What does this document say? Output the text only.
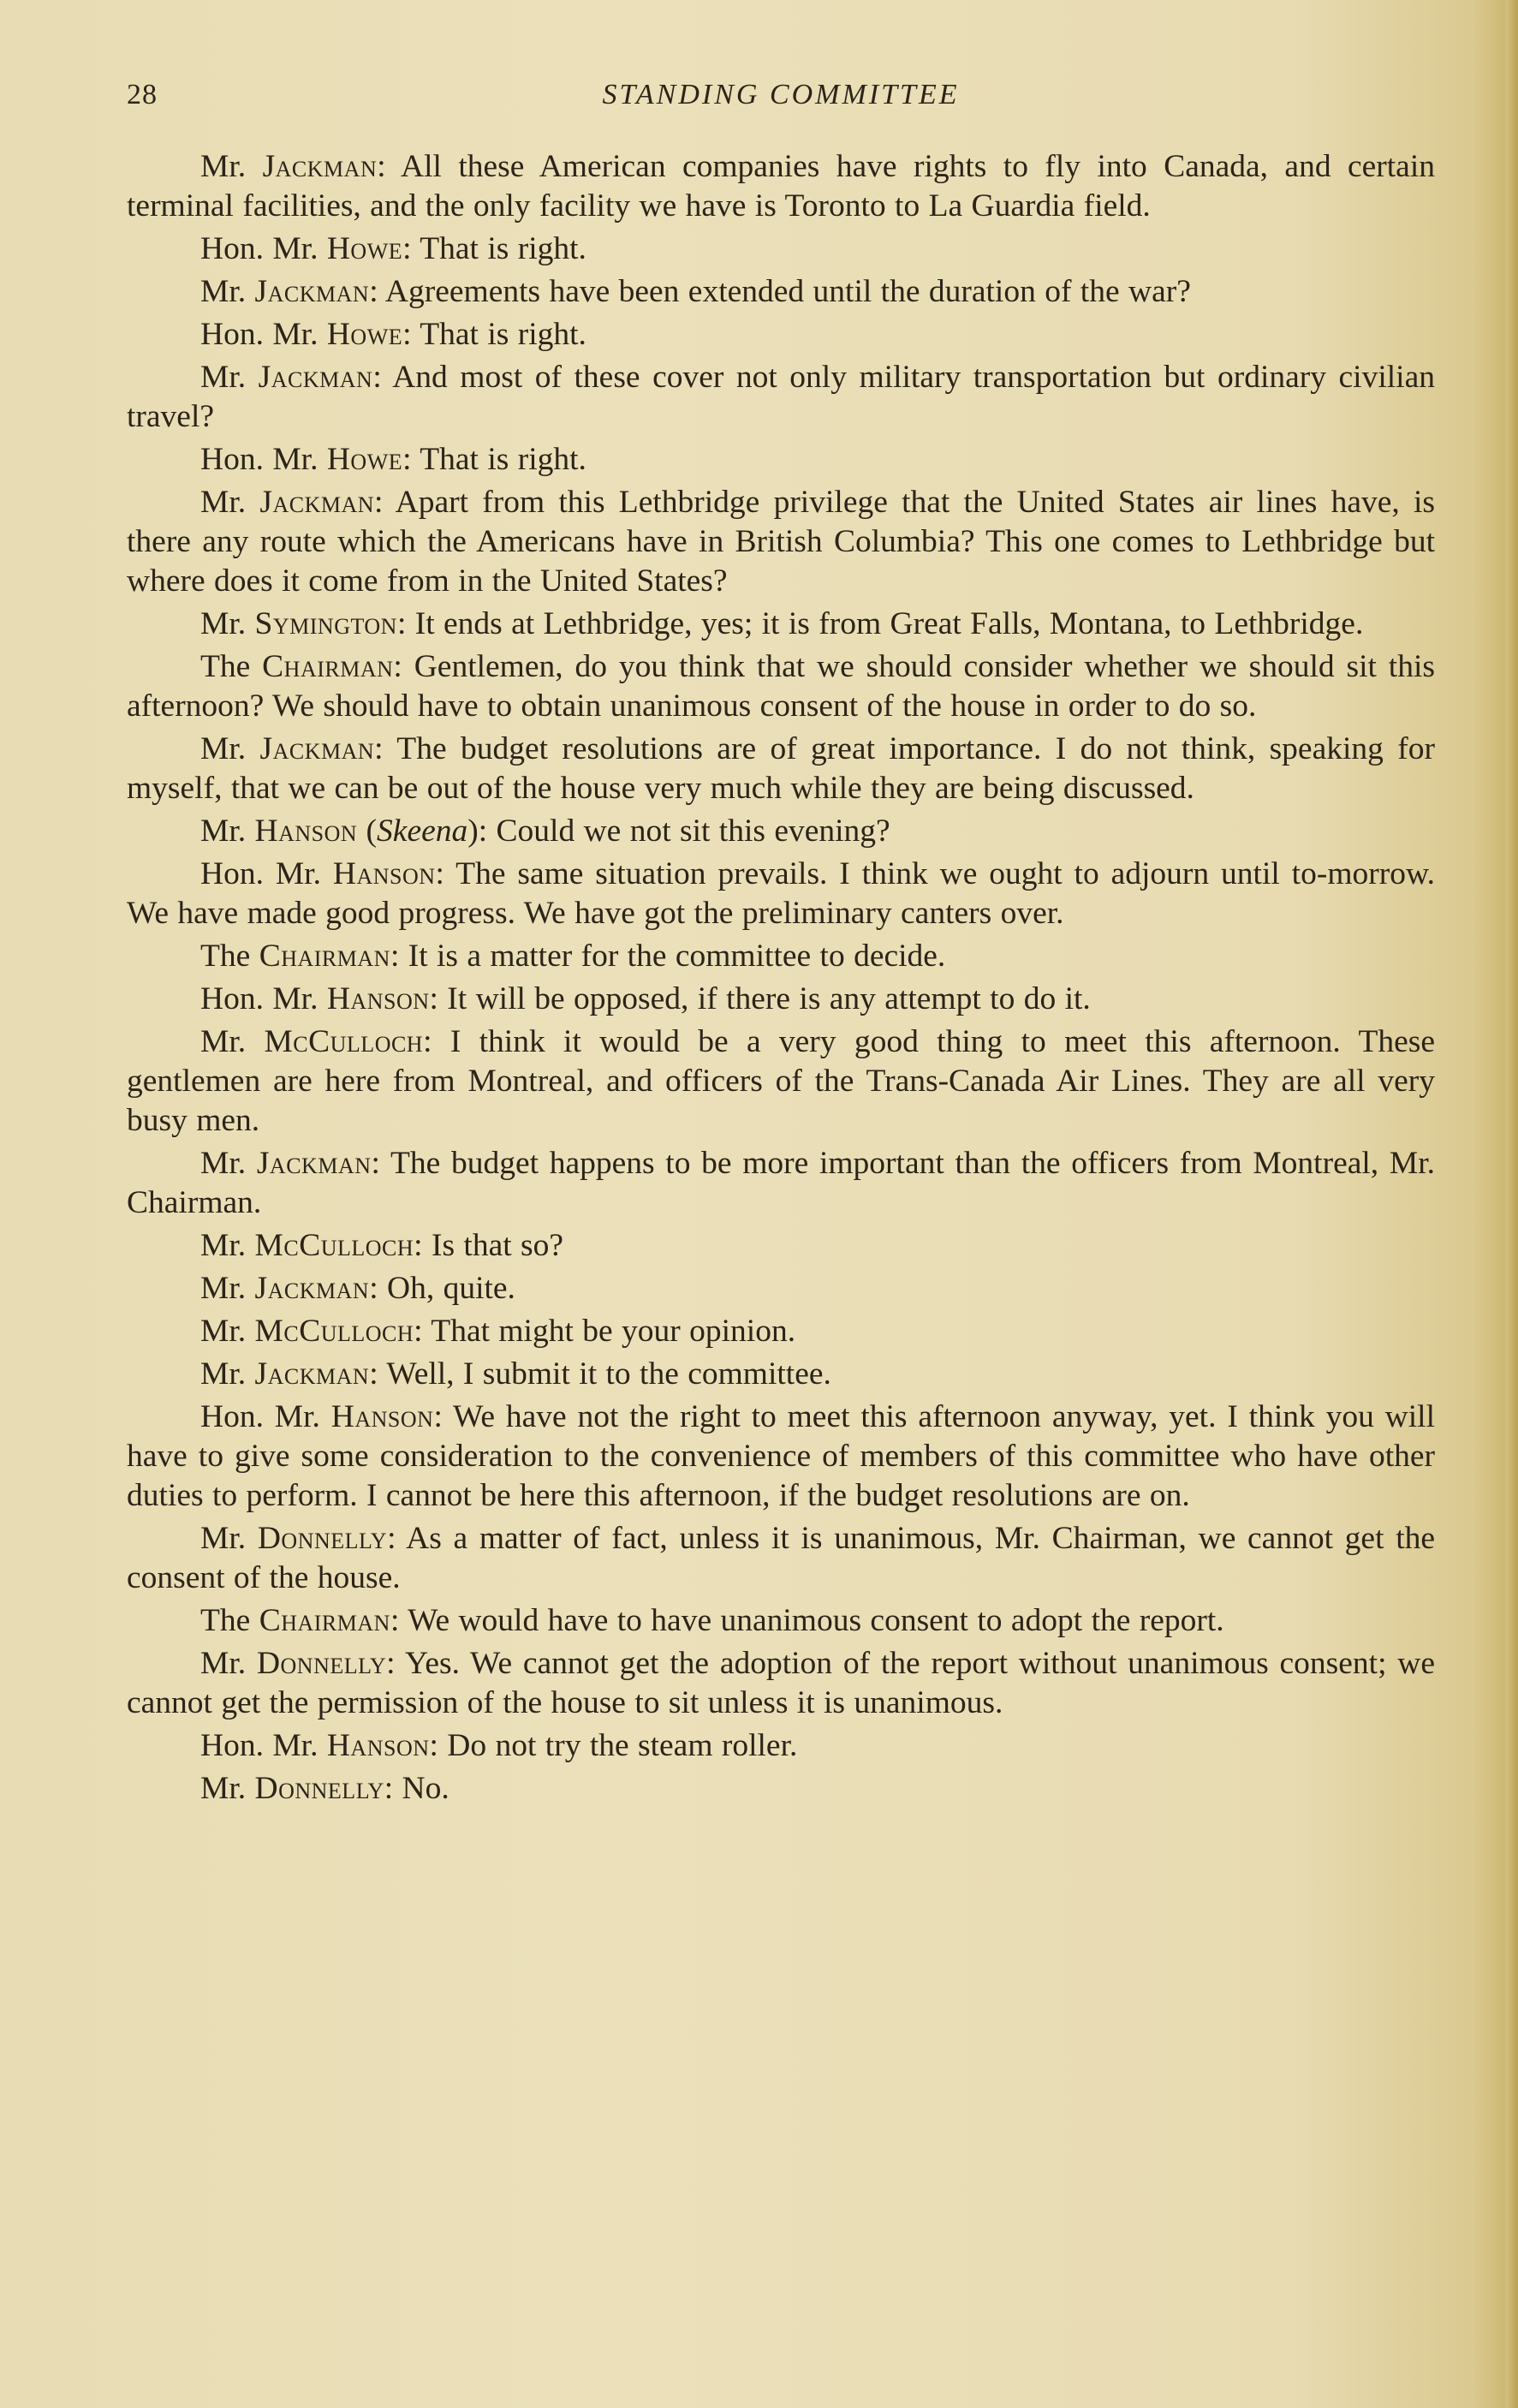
28	STANDING COMMITTEE

Mr. Jackman: All these American companies have rights to fly into Canada, and certain terminal facilities, and the only facility we have is Toronto to La Guardia field.

Hon. Mr. Howe: That is right.

Mr. Jackman: Agreements have been extended until the duration of the war?

Hon. Mr. Howe: That is right.

Mr. Jackman: And most of these cover not only military transportation but ordinary civilian travel?

Hon. Mr. Howe: That is right.

Mr. Jackman: Apart from this Lethbridge privilege that the United States air lines have, is there any route which the Americans have in British Columbia? This one comes to Lethbridge but where does it come from in the United States?

Mr. Symington: It ends at Lethbridge, yes; it is from Great Falls, Montana, to Lethbridge.

The Chairman: Gentlemen, do you think that we should consider whether we should sit this afternoon? We should have to obtain unanimous consent of the house in order to do so.

Mr. Jackman: The budget resolutions are of great importance. I do not think, speaking for myself, that we can be out of the house very much while they are being discussed.

Mr. Hanson (Skeena): Could we not sit this evening?

Hon. Mr. Hanson: The same situation prevails. I think we ought to adjourn until to-morrow. We have made good progress. We have got the preliminary canters over.

The Chairman: It is a matter for the committee to decide.

Hon. Mr. Hanson: It will be opposed, if there is any attempt to do it.

Mr. McCulloch: I think it would be a very good thing to meet this afternoon. These gentlemen are here from Montreal, and officers of the Trans-Canada Air Lines. They are all very busy men.

Mr. Jackman: The budget happens to be more important than the officers from Montreal, Mr. Chairman.

Mr. McCulloch: Is that so?

Mr. Jackman: Oh, quite.

Mr. McCulloch: That might be your opinion.

Mr. Jackman: Well, I submit it to the committee.

Hon. Mr. Hanson: We have not the right to meet this afternoon anyway, yet. I think you will have to give some consideration to the convenience of members of this committee who have other duties to perform. I cannot be here this afternoon, if the budget resolutions are on.

Mr. Donnelly: As a matter of fact, unless it is unanimous, Mr. Chairman, we cannot get the consent of the house.

The Chairman: We would have to have unanimous consent to adopt the report.

Mr. Donnelly: Yes. We cannot get the adoption of the report without unanimous consent; we cannot get the permission of the house to sit unless it is unanimous.

Hon. Mr. Hanson: Do not try the steam roller.

Mr. Donnelly: No.
